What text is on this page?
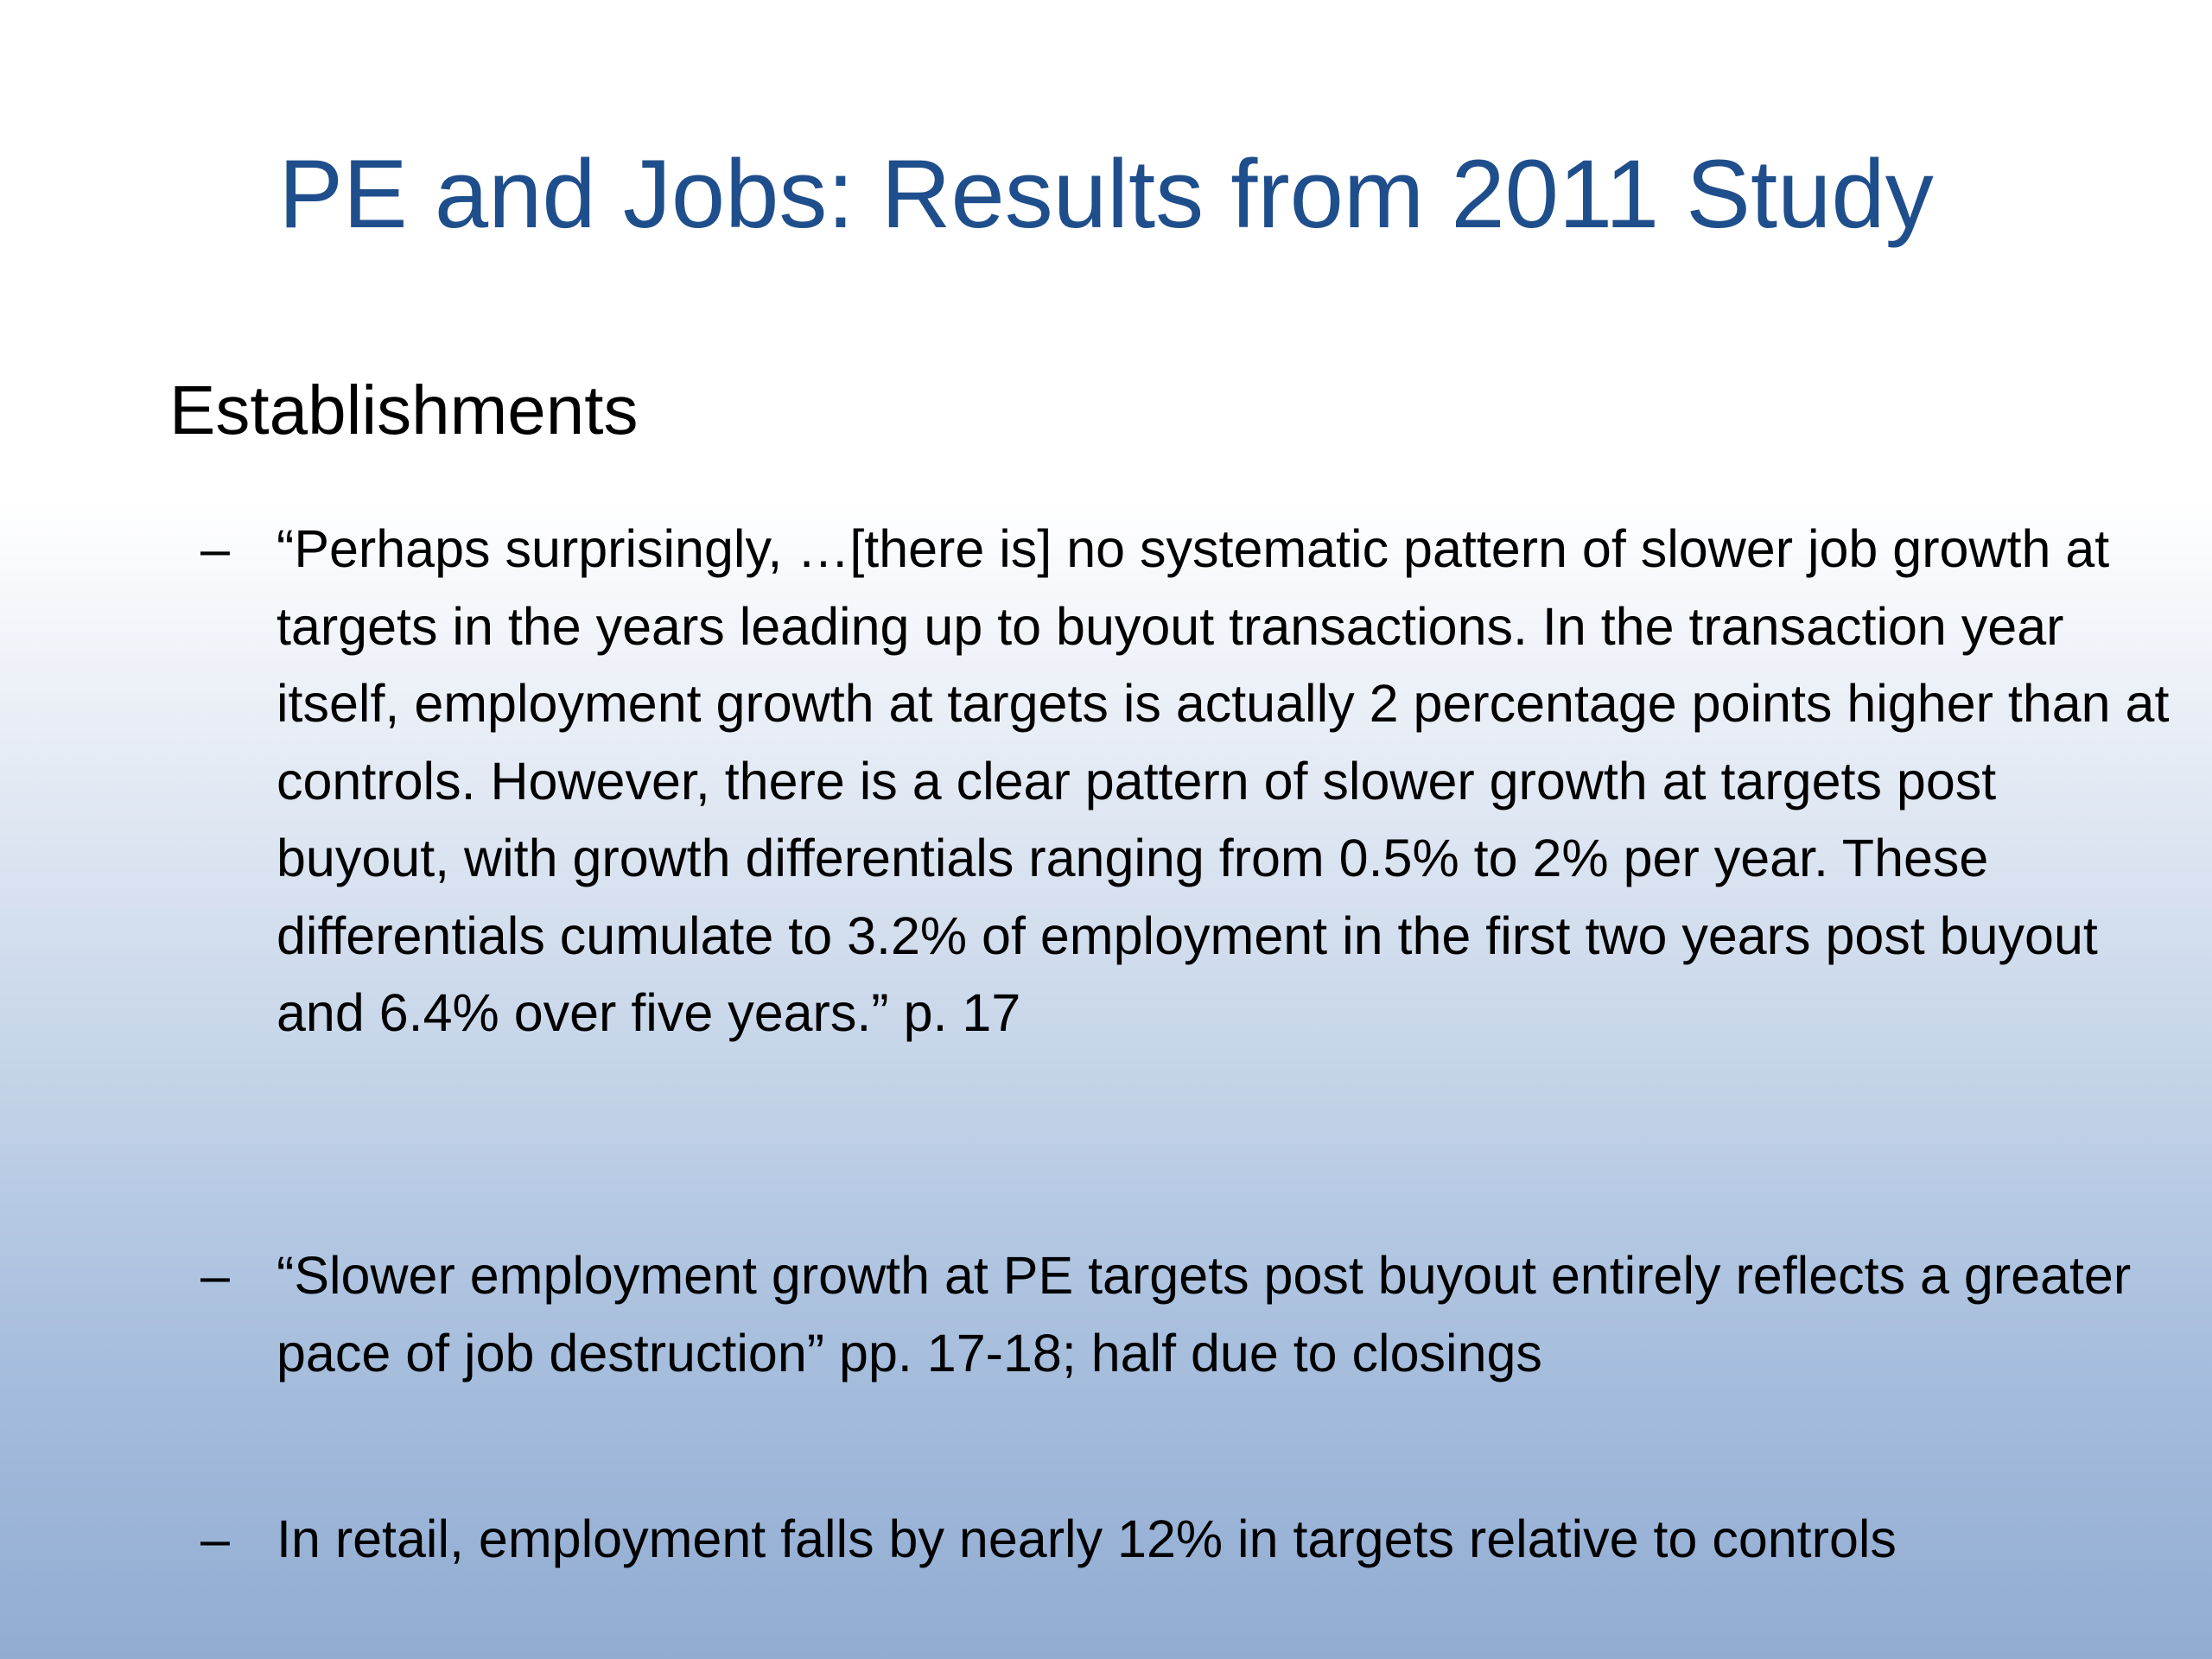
PE and Jobs: Results from 2011 Study
Establishments
– “Perhaps surprisingly, …[there is] no systematic pattern of slower job growth at targets in the years leading up to buyout transactions. In the transaction year itself, employment growth at targets is actually 2 percentage points higher than at controls. However, there is a clear pattern of slower growth at targets post buyout, with growth differentials ranging from 0.5% to 2% per year. These differentials cumulate to 3.2% of employment in the first two years post buyout and 6.4% over five years.” p. 17
– “Slower employment growth at PE targets post buyout entirely reflects a greater pace of job destruction” pp. 17-18; half due to closings
– In retail, employment falls by nearly 12% in targets relative to controls
